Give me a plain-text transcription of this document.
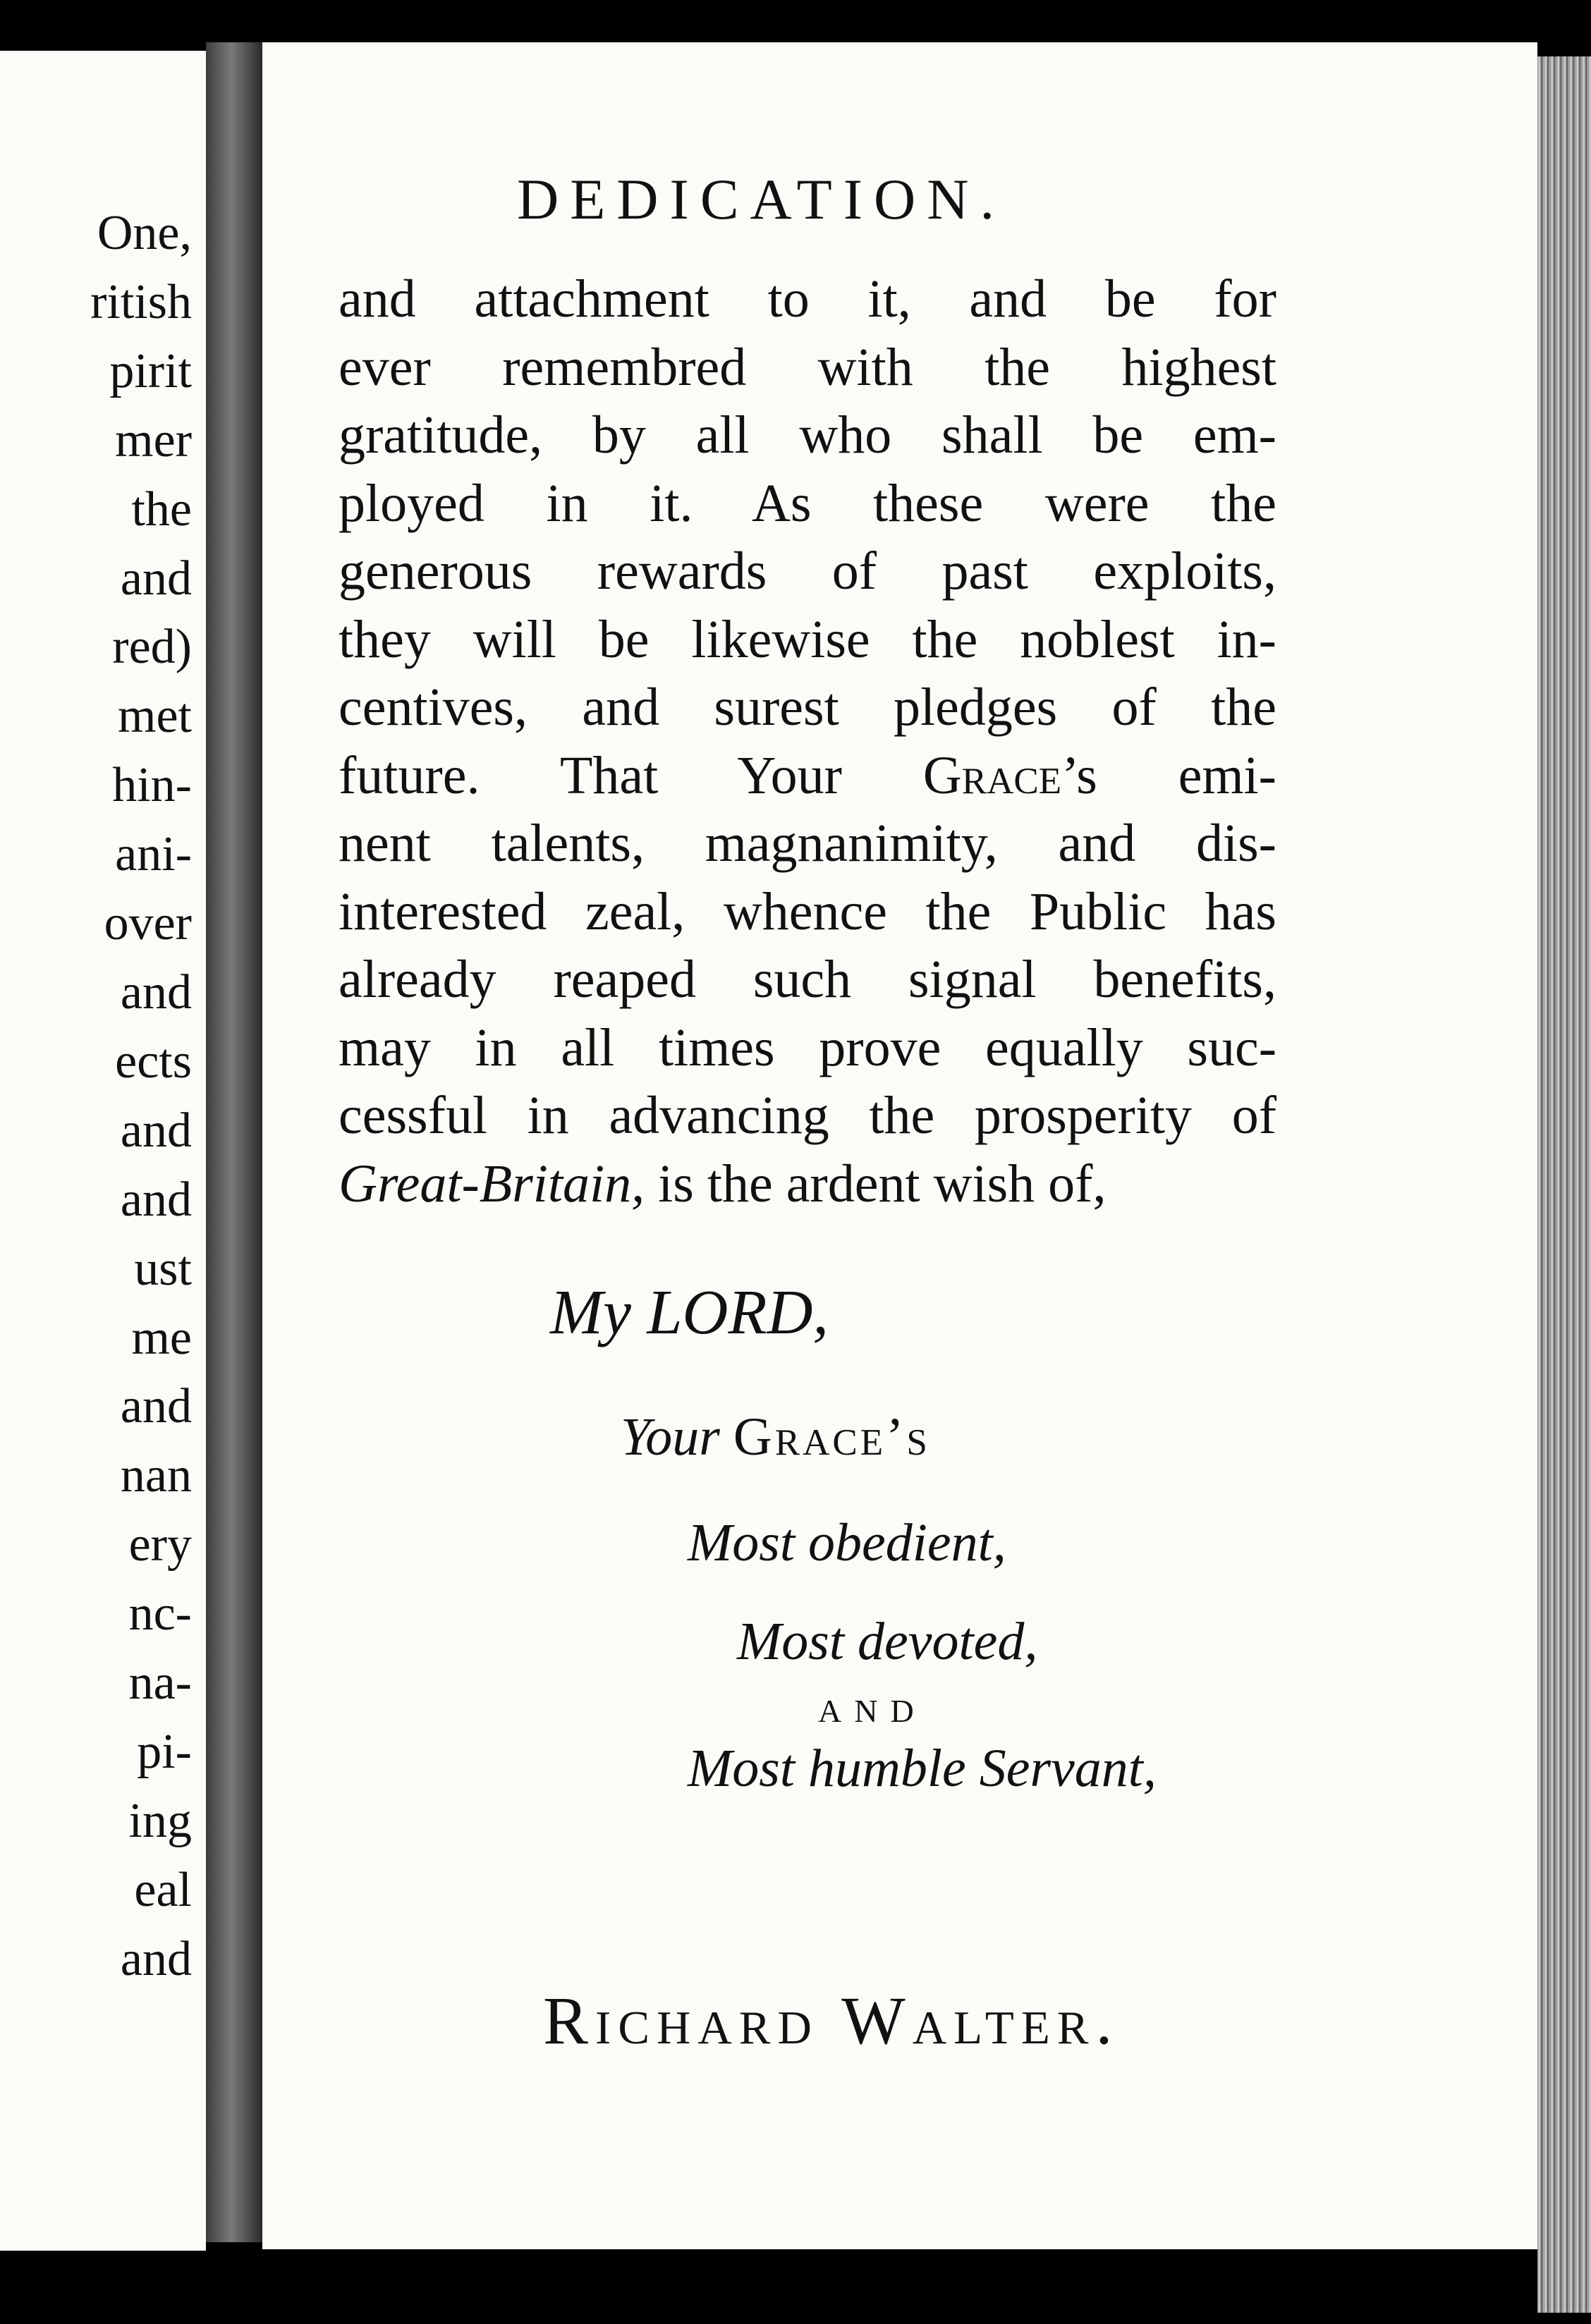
One,
ritish
pirit
mer
the
and
red)
met
hin-
ani-
over
and
ects
and
and
ust
me
and
nan
ery
nc-
na-
pi-
ing
eal
and
DEDICATION.
and attachment to it, and be for
ever remembred with the highest
gratitude, by all who shall be em-
ployed in it. As these were the
generous rewards of past exploits,
they will be likewise the noblest in-
centives, and surest pledges of the
future. That Your Grace’s emi-
nent talents, magnanimity, and dis-
interested zeal, whence the Public has
already reaped such signal benefits,
may in all times prove equally suc-
cessful in advancing the prosperity of
Great-Britain, is the ardent wish of,
My LORD,
Your Grace’s
Most obedient,
Most devoted,
AND
Most humble Servant,
Richard Walter.
